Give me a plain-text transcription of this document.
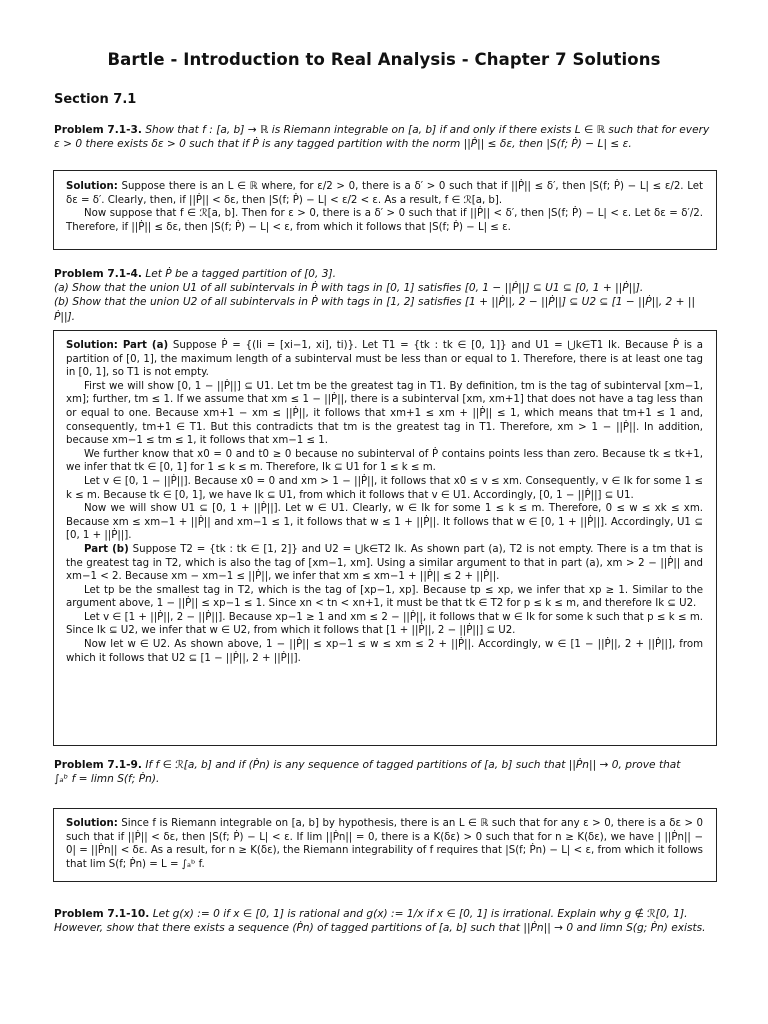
Bartle - Introduction to Real Analysis - Chapter 7 Solutions
Section 7.1

Problem 7.1-3. Show that f : [a, b] → ℝ is Riemann integrable on [a, b] if and only if there exists L ∈ ℝ such that for every

ε > 0 there exists δε > 0 such that if Ṗ is any tagged partition with the norm ||Ṗ|| ≤ δε, then |S(f; Ṗ) − L| ≤ ε.

Solution: Suppose there is an L ∈ ℝ where, for ε/2 > 0, there is a δ′ > 0 such that if ||Ṗ|| ≤ δ′, then |S(f; Ṗ) − L| ≤ ε/2. Let δε = δ′. Clearly, then, if ||Ṗ|| < δε, then |S(f; Ṗ) − L| < ε/2 < ε. As a result, f ∈ ℛ[a, b].

Now suppose that f ∈ ℛ[a, b]. Then for ε > 0, there is a δ′ > 0 such that if ||Ṗ|| < δ′, then |S(f; Ṗ) − L| < ε. Let δε = δ′/2. Therefore, if ||Ṗ|| ≤ δε, then |S(f; Ṗ) − L| < ε, from which it follows that |S(f; Ṗ) − L| ≤ ε.

Problem 7.1-4. Let Ṗ be a tagged partition of [0, 3].

(a) Show that the union U1 of all subintervals in Ṗ with tags in [0, 1] satisfies [0, 1 − ||Ṗ||] ⊆ U1 ⊆ [0, 1 + ||Ṗ||].

(b) Show that the union U2 of all subintervals in Ṗ with tags in [1, 2] satisfies [1 + ||Ṗ||, 2 − ||Ṗ||] ⊆ U2 ⊆ [1 − ||Ṗ||, 2 + ||Ṗ||].

Solution: Part (a) Suppose Ṗ = {(Ii = [xi−1, xi], ti)}. Let T1 = {tk : tk ∈ [0, 1]} and U1 = ⋃k∈T1 Ik. Because Ṗ is a partition of [0, 1], the maximum length of a subinterval must be less than or equal to 1. Therefore, there is at least one tag in [0, 1], so T1 is not empty.

First we will show [0, 1 − ||Ṗ||] ⊆ U1. Let tm be the greatest tag in T1. By definition, tm is the tag of subinterval [xm−1, xm]; further, tm ≤ 1. If we assume that xm ≤ 1 − ||Ṗ||, there is a subinterval [xm, xm+1] that does not have a tag less than or equal to one. Because xm+1 − xm ≤ ||Ṗ||, it follows that xm+1 ≤ xm + ||Ṗ|| ≤ 1, which means that tm+1 ≤ 1 and, consequently, tm+1 ∈ T1. But this contradicts that tm is the greatest tag in T1. Therefore, xm > 1 − ||Ṗ||. In addition, because xm−1 ≤ tm ≤ 1, it follows that xm−1 ≤ 1.

We further know that x0 = 0 and t0 ≥ 0 because no subinterval of Ṗ contains points less than zero. Because tk ≤ tk+1, we infer that tk ∈ [0, 1] for 1 ≤ k ≤ m. Therefore, Ik ⊆ U1 for 1 ≤ k ≤ m.

Let v ∈ [0, 1 − ||Ṗ||]. Because x0 = 0 and xm > 1 − ||Ṗ||, it follows that x0 ≤ v ≤ xm. Consequently, v ∈ Ik for some 1 ≤ k ≤ m. Because tk ∈ [0, 1], we have Ik ⊆ U1, from which it follows that v ∈ U1. Accordingly, [0, 1 − ||Ṗ||] ⊆ U1.

Now we will show U1 ⊆ [0, 1 + ||Ṗ||]. Let w ∈ U1. Clearly, w ∈ Ik for some 1 ≤ k ≤ m. Therefore, 0 ≤ w ≤ xk ≤ xm. Because xm ≤ xm−1 + ||Ṗ|| and xm−1 ≤ 1, it follows that w ≤ 1 + ||Ṗ||. It follows that w ∈ [0, 1 + ||Ṗ||]. Accordingly, U1 ⊆ [0, 1 + ||Ṗ||].

Part (b) Suppose T2 = {tk : tk ∈ [1, 2]} and U2 = ⋃k∈T2 Ik. As shown part (a), T2 is not empty. There is a tm that is the greatest tag in T2, which is also the tag of [xm−1, xm]. Using a similar argument to that in part (a), xm > 2 − ||Ṗ|| and xm−1 < 2. Because xm − xm−1 ≤ ||Ṗ||, we infer that xm ≤ xm−1 + ||Ṗ|| ≤ 2 + ||Ṗ||.

Let tp be the smallest tag in T2, which is the tag of [xp−1, xp]. Because tp ≤ xp, we infer that xp ≥ 1. Similar to the argument above, 1 − ||Ṗ|| ≤ xp−1 ≤ 1. Since xn < tn < xn+1, it must be that tk ∈ T2 for p ≤ k ≤ m, and therefore Ik ⊆ U2.

Let v ∈ [1 + ||Ṗ||, 2 − ||Ṗ||]. Because xp−1 ≥ 1 and xm ≤ 2 − ||Ṗ||, it follows that w ∈ Ik for some k such that p ≤ k ≤ m. Since Ik ⊆ U2, we infer that w ∈ U2, from which it follows that [1 + ||Ṗ||, 2 − ||Ṗ||] ⊆ U2.

Now let w ∈ U2. As shown above, 1 − ||Ṗ|| ≤ xp−1 ≤ w ≤ xm ≤ 2 + ||Ṗ||. Accordingly, w ∈ [1 − ||Ṗ||, 2 + ||Ṗ||], from which it follows that U2 ⊆ [1 − ||Ṗ||, 2 + ||Ṗ||].

Problem 7.1-9. If f ∈ ℛ[a, b] and if (Ṗn) is any sequence of tagged partitions of [a, b] such that ||Ṗn|| → 0, prove that

∫ₐᵇ f = limn S(f; Ṗn).

Solution: Since f is Riemann integrable on [a, b] by hypothesis, there is an L ∈ ℝ such that for any ε > 0, there is a δε > 0 such that if ||Ṗ|| < δε, then |S(f; Ṗ) − L| < ε. If lim ||Ṗn|| = 0, there is a K(δε) > 0 such that for n ≥ K(δε), we have | ||Ṗn|| − 0| = ||Ṗn|| < δε. As a result, for n ≥ K(δε), the Riemann integrability of f requires that |S(f; Ṗn) − L| < ε, from which it follows that lim S(f; Ṗn) = L = ∫ₐᵇ f.

Problem 7.1-10. Let g(x) := 0 if x ∈ [0, 1] is rational and g(x) := 1/x if x ∈ [0, 1] is irrational. Explain why g ∉ ℛ[0, 1].

However, show that there exists a sequence (Ṗn) of tagged partitions of [a, b] such that ||Ṗn|| → 0 and limn S(g; Ṗn) exists.
